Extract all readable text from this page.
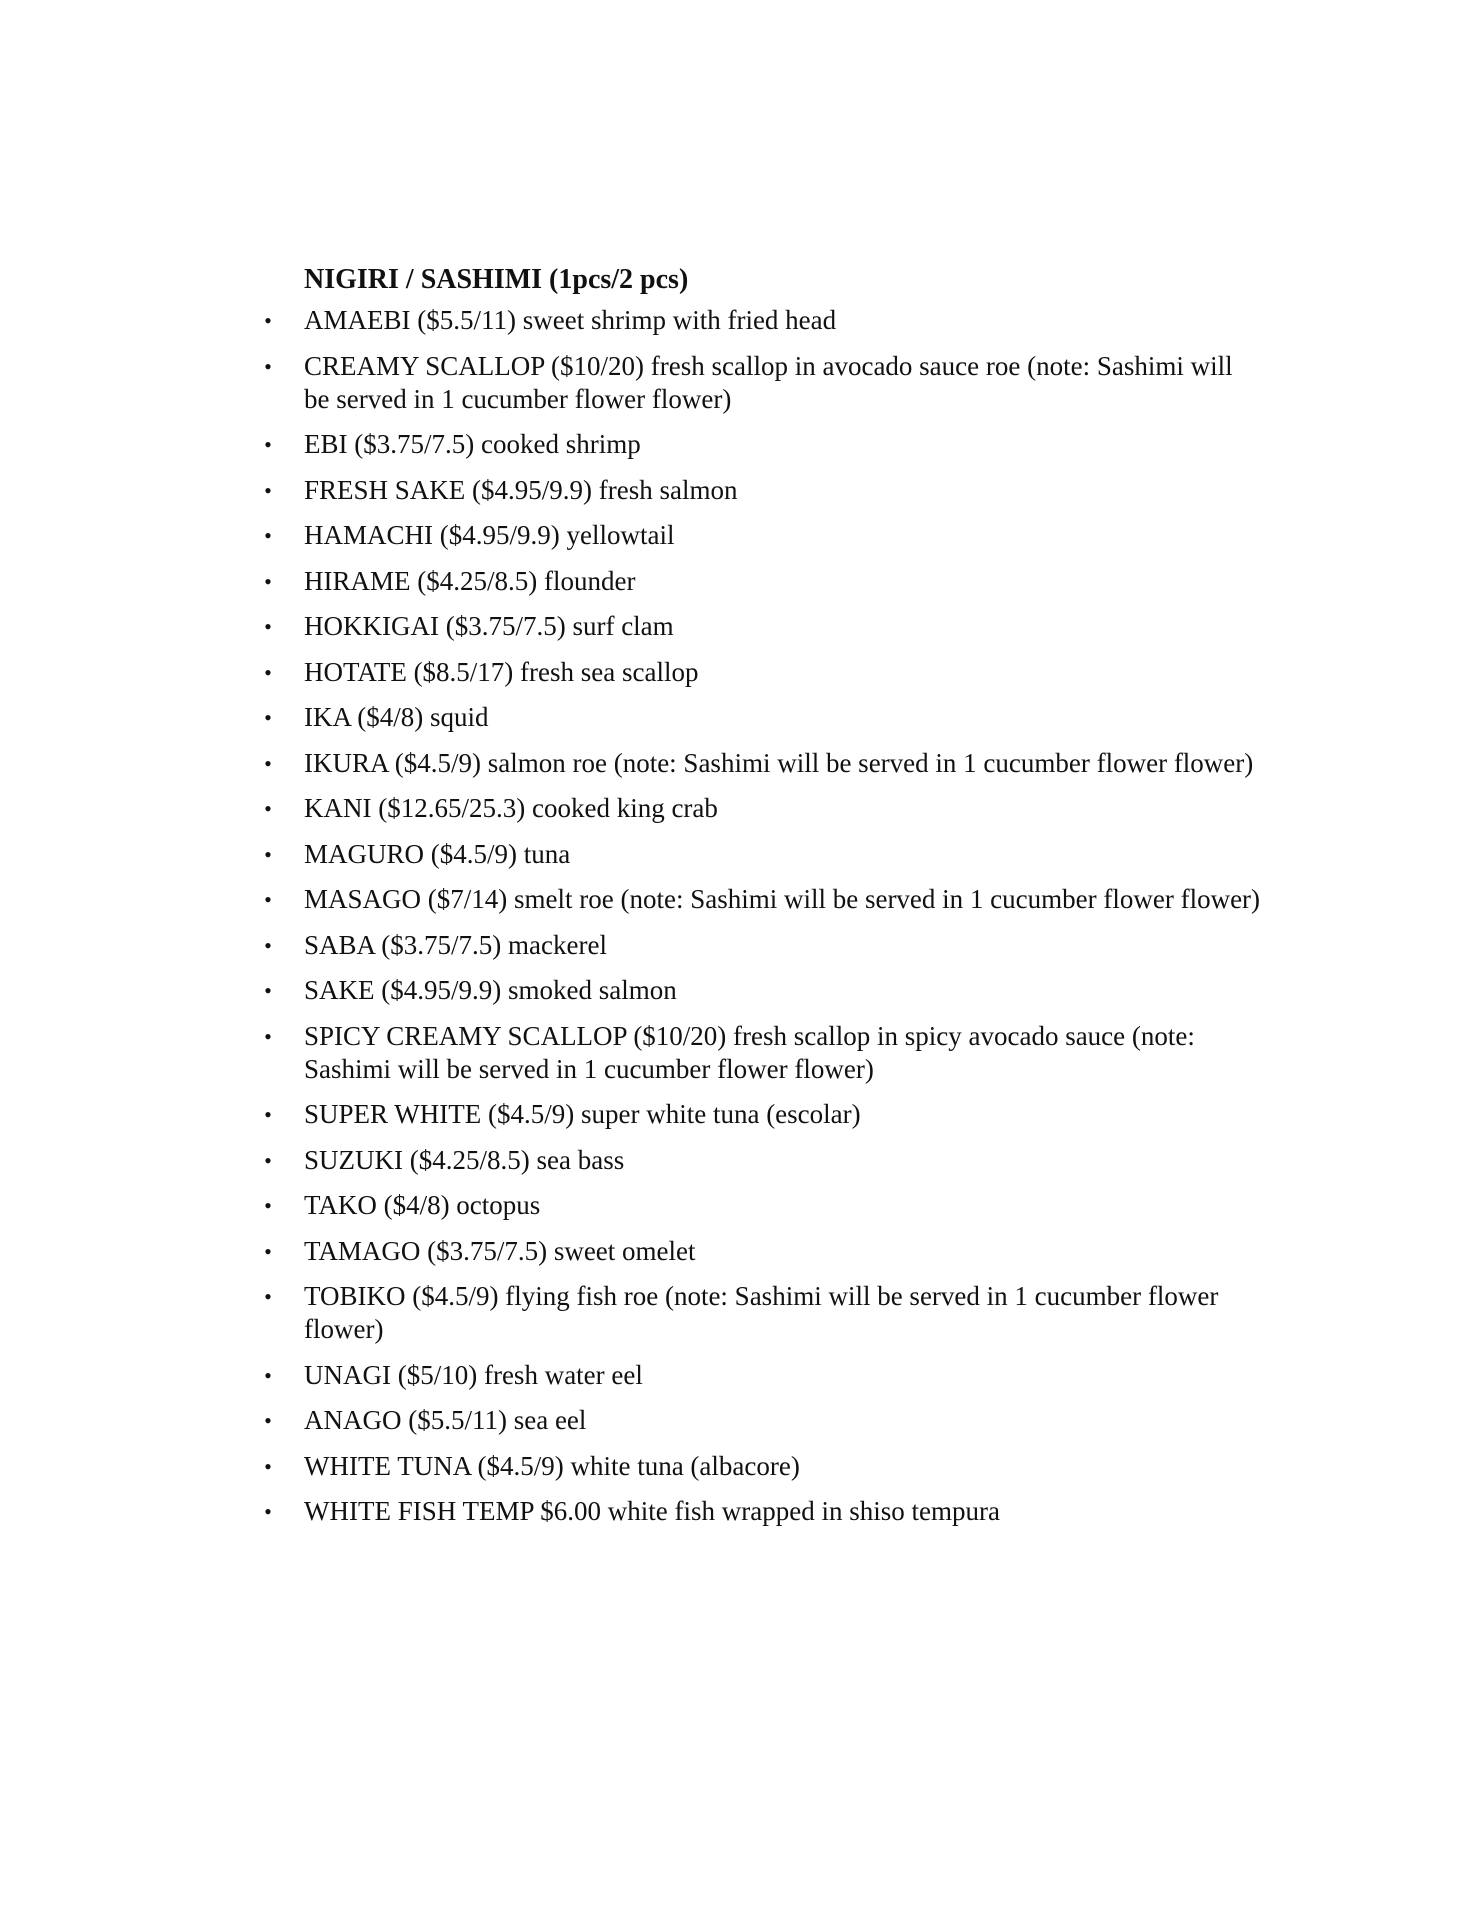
NIGIRI / SASHIMI (1pcs/2 pcs)
• AMAEBI ($5.5/11) sweet shrimp with fried head
• CREAMY SCALLOP ($10/20) fresh scallop in avocado sauce roe (note: Sashimi will be served in 1 cucumber flower flower)
• EBI ($3.75/7.5) cooked shrimp
• FRESH SAKE ($4.95/9.9) fresh salmon
• HAMACHI ($4.95/9.9) yellowtail
• HIRAME ($4.25/8.5) flounder
• HOKKIGAI ($3.75/7.5) surf clam
• HOTATE ($8.5/17) fresh sea scallop
• IKA ($4/8) squid
• IKURA ($4.5/9) salmon roe (note: Sashimi will be served in 1 cucumber flower flower)
• KANI ($12.65/25.3) cooked king crab
• MAGURO ($4.5/9) tuna
• MASAGO ($7/14) smelt roe (note: Sashimi will be served in 1 cucumber flower flower)
• SABA ($3.75/7.5) mackerel
• SAKE ($4.95/9.9) smoked salmon
• SPICY CREAMY SCALLOP ($10/20) fresh scallop in spicy avocado sauce (note: Sashimi will be served in 1 cucumber flower flower)
• SUPER WHITE ($4.5/9) super white tuna (escolar)
• SUZUKI ($4.25/8.5) sea bass
• TAKO ($4/8) octopus
• TAMAGO ($3.75/7.5) sweet omelet
• TOBIKO ($4.5/9) flying fish roe (note: Sashimi will be served in 1 cucumber flower flower)
• UNAGI ($5/10) fresh water eel
• ANAGO ($5.5/11) sea eel
• WHITE TUNA ($4.5/9) white tuna (albacore)
• WHITE FISH TEMP $6.00 white fish wrapped in shiso tempura
